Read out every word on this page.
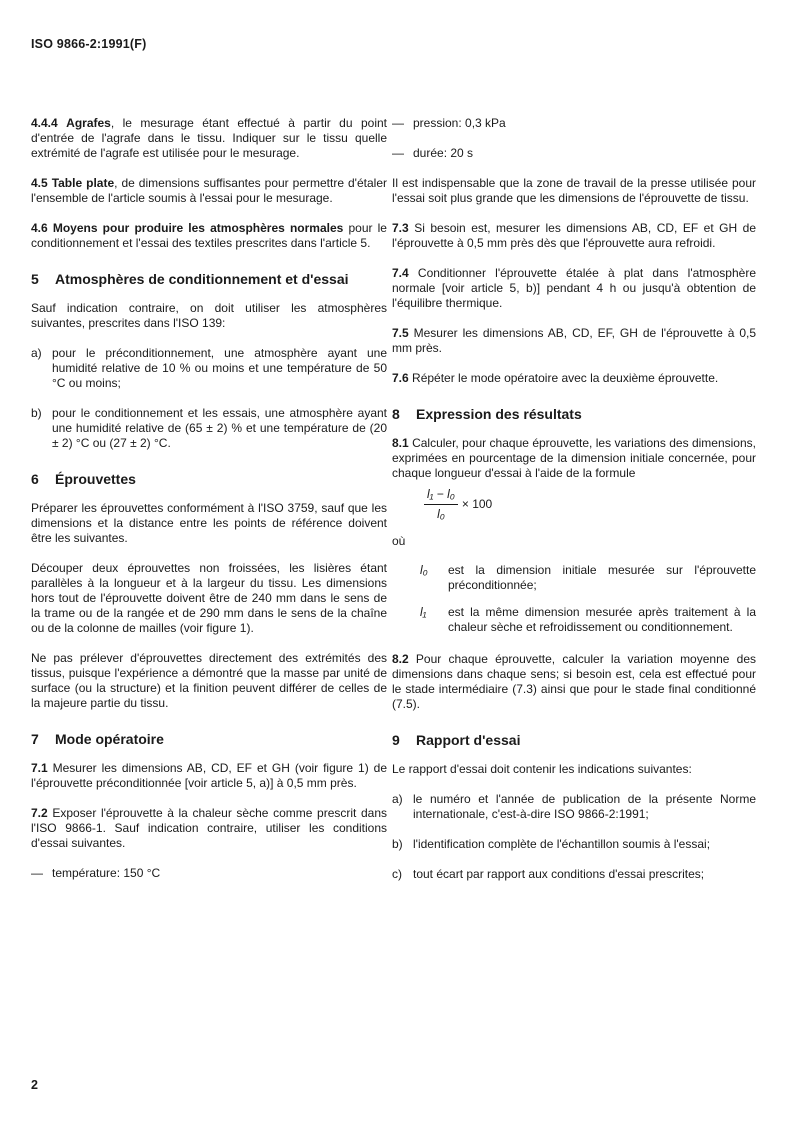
ISO 9866-2:1991(F)

4.4.4 Agrafes, le mesurage étant effectué à partir du point d'entrée de l'agrafe dans le tissu. Indiquer sur le tissu quelle extrémité de l'agrafe est utilisée pour le mesurage.

4.5 Table plate, de dimensions suffisantes pour permettre d'étaler l'ensemble de l'article soumis à l'essai pour le mesurage.

4.6 Moyens pour produire les atmosphères normales pour le conditionnement et l'essai des textiles prescrites dans l'article 5.

5 Atmosphères de conditionnement et d'essai

Sauf indication contraire, on doit utiliser les atmosphères suivantes, prescrites dans l'ISO 139:

a) pour le préconditionnement, une atmosphère ayant une humidité relative de 10 % ou moins et une température de 50 °C ou moins;
b) pour le conditionnement et les essais, une atmosphère ayant une humidité relative de (65 ± 2) % et une température de (20 ± 2) °C ou (27 ± 2) °C.
6 Éprouvettes

Préparer les éprouvettes conformément à l'ISO 3759, sauf que les dimensions et la distance entre les points de référence doivent être les suivantes.

Découper deux éprouvettes non froissées, les lisières étant parallèles à la longueur et à la largeur du tissu. Les dimensions hors tout de l'éprouvette doivent être de 240 mm dans le sens de la trame ou de la rangée et de 290 mm dans le sens de la chaîne ou de la colonne de mailles (voir figure 1).

Ne pas prélever d'éprouvettes directement des extrémités des tissus, puisque l'expérience a démontré que la masse par unité de surface (ou la structure) et la finition peuvent différer de celles de la majeure partie du tissu.

7 Mode opératoire

7.1 Mesurer les dimensions AB, CD, EF et GH (voir figure 1) de l'éprouvette préconditionnée [voir article 5, a)] à 0,5 mm près.

7.2 Exposer l'éprouvette à la chaleur sèche comme prescrit dans l'ISO 9866-1. Sauf indication contraire, utiliser les conditions d'essai suivantes.

— température: 150 °C
— pression: 0,3 kPa
— durée: 20 s

Il est indispensable que la zone de travail de la presse utilisée pour l'essai soit plus grande que les dimensions de l'éprouvette de tissu.

7.3 Si besoin est, mesurer les dimensions AB, CD, EF et GH de l'éprouvette à 0,5 mm près dès que l'éprouvette aura refroidi.

7.4 Conditionner l'éprouvette étalée à plat dans l'atmosphère normale [voir article 5, b)] pendant 4 h ou jusqu'à obtention de l'équilibre thermique.

7.5 Mesurer les dimensions AB, CD, EF, GH de l'éprouvette à 0,5 mm près.

7.6 Répéter le mode opératoire avec la deuxième éprouvette.

8 Expression des résultats

8.1 Calculer, pour chaque éprouvette, les variations des dimensions, exprimées en pourcentage de la dimension initiale concernée, pour chaque longueur d'essai à l'aide de la formule

$\frac{\text{l₁ − l₀}}{\text{l₀}} \times 100$
où
l₀	est la dimension initiale mesurée sur l'éprouvette préconditionnée;
l₁	est la même dimension mesurée après traitement à la chaleur sèche et refroidissement ou conditionnement.

8.2 Pour chaque éprouvette, calculer la variation moyenne des dimensions dans chaque sens; si besoin est, cela est effectué pour le stade intermédiaire (7.3) ainsi que pour le stade final conditionné (7.5).

9 Rapport d'essai

Le rapport d'essai doit contenir les indications suivantes:

a) le numéro et l'année de publication de la présente Norme internationale, c'est-à-dire ISO 9866-2:1991;
b) l'identification complète de l'échantillon soumis à l'essai;
c) tout écart par rapport aux conditions d'essai prescrites;
2
